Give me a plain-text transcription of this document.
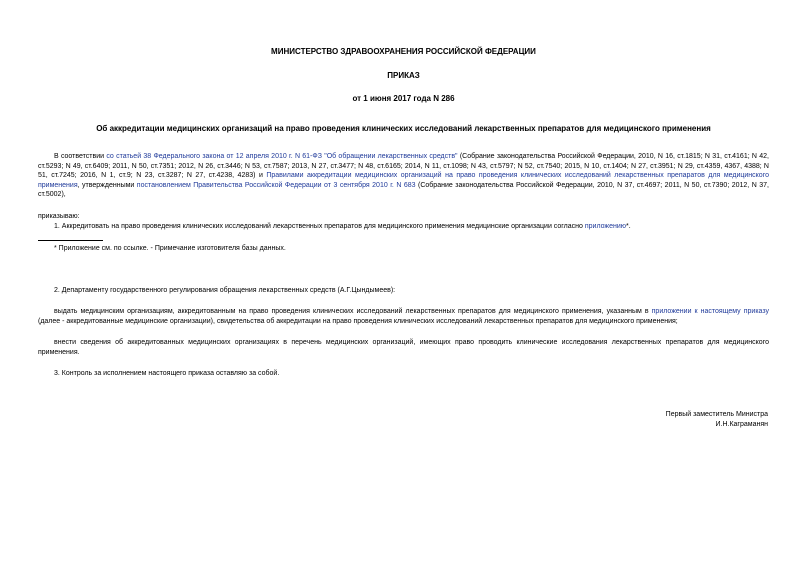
МИНИСТЕРСТВО ЗДРАВООХРАНЕНИЯ РОССИЙСКОЙ ФЕДЕРАЦИИ
ПРИКАЗ
от 1 июня 2017 года N 286
Об аккредитации медицинских организаций на право проведения клинических исследований лекарственных препаратов для медицинского применения
В соответствии со статьей 38 Федерального закона от 12 апреля 2010 г. N 61-ФЗ "Об обращении лекарственных средств" (Собрание законодательства Российской Федерации, 2010, N 16, ст.1815; N 31, ст.4161; N 42, ст.5293; N 49, ст.6409; 2011, N 50, ст.7351; 2012, N 26, ст.3446; N 53, ст.7587; 2013, N 27, ст.3477; N 48, ст.6165; 2014, N 11, ст.1098; N 43, ст.5797; N 52, ст.7540; 2015, N 10, ст.1404; N 27, ст.3951; N 29, ст.4359, 4367, 4388; N 51, ст.7245; 2016, N 1, ст.9; N 23, ст.3287; N 27, ст.4238, 4283) и Правилами аккредитации медицинских организаций на право проведения клинических исследований лекарственных препаратов для медицинского применения, утвержденными постановлением Правительства Российской Федерации от 3 сентября 2010 г. N 683 (Собрание законодательства Российской Федерации, 2010, N 37, ст.4697; 2011, N 50, ст.7390; 2012, N 37, ст.5002),
приказываю:
1. Аккредитовать на право проведения клинических исследований лекарственных препаратов для медицинского применения медицинские организации согласно приложению*.
* Приложение см. по ссылке. - Примечание изготовителя базы данных.
2. Департаменту государственного регулирования обращения лекарственных средств (А.Г.Цындымеев):
выдать медицинским организациям, аккредитованным на право проведения клинических исследований лекарственных препаратов для медицинского применения, указанным в приложении к настоящему приказу (далее - аккредитованные медицинские организации), свидетельства об аккредитации на право проведения клинических исследований лекарственных препаратов для медицинского применения;
внести сведения об аккредитованных медицинских организациях в перечень медицинских организаций, имеющих право проводить клинические исследования лекарственных препаратов для медицинского применения.
3. Контроль за исполнением настоящего приказа оставляю за собой.
Первый заместитель Министра
И.Н.Каграманян
